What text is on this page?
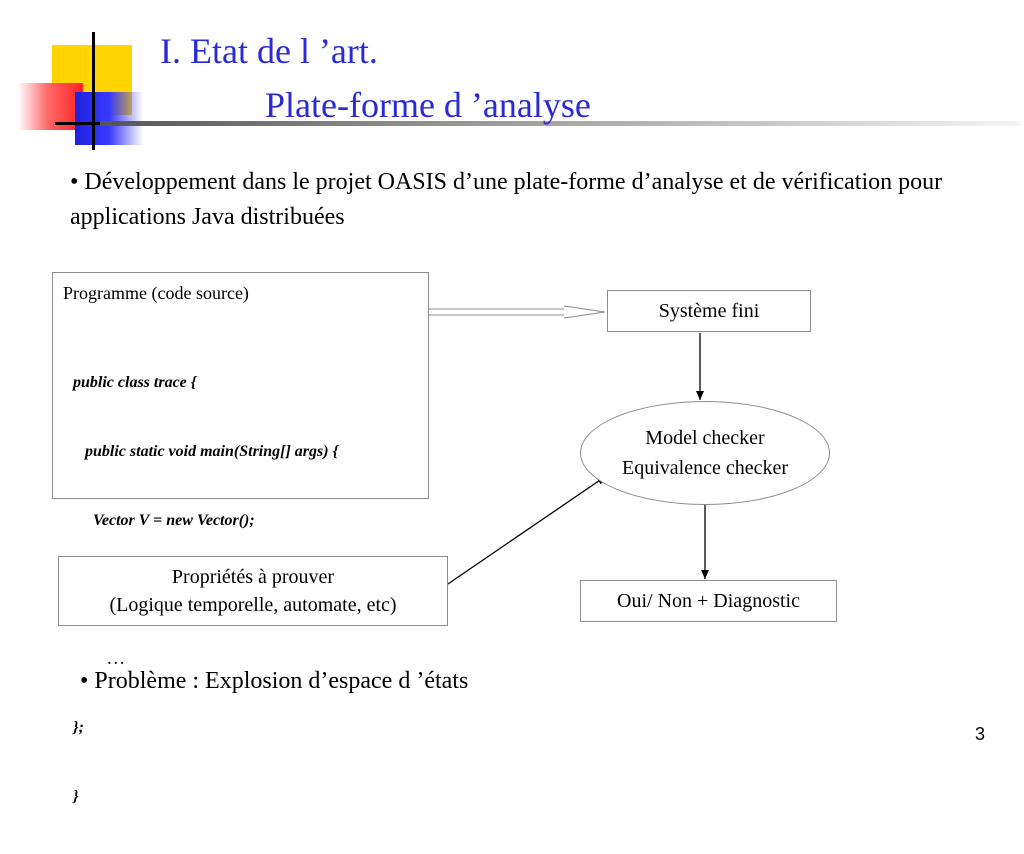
I. Etat de l ’art.
Plate-forme d ’analyse
• Développement dans le projet OASIS d’une plate-forme d’analyse et de vérification pour applications Java distribuées
Programme (code source)

public class trace {

public static void main(String[] args) {

Vector V = new Vector();

…

};

}

Système fini
Model checker
Equivalence checker
Propriétés à prouver
(Logique temporelle, automate, etc)	Oui/ Non + Diagnostic
• Problème : Explosion d’espace d ’états
3
